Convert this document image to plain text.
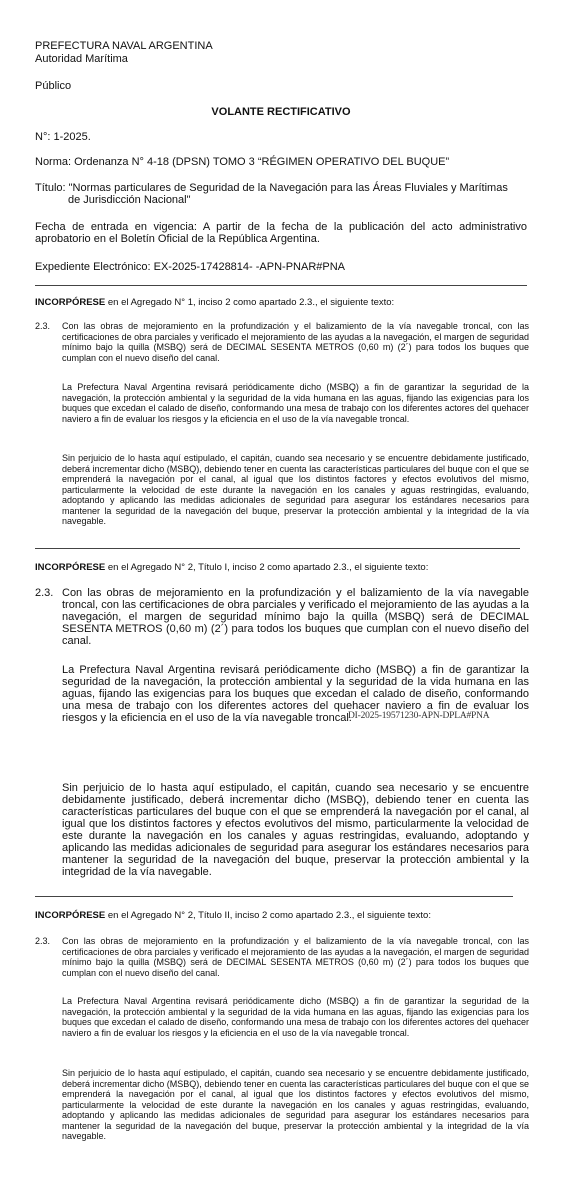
PREFECTURA NAVAL ARGENTINA
Autoridad Marítima
Público
VOLANTE RECTIFICATIVO
N°: 1-2025.
Norma: Ordenanza N° 4-18 (DPSN) TOMO 3 “RÉGIMEN OPERATIVO DEL BUQUE”
Título: "Normas particulares de Seguridad de la Navegación para las Áreas Fluviales y Marítimas
de Jurisdicción Nacional"
Fecha de entrada en vigencia: A partir de la fecha de la publicación del acto administrativo aprobatorio en el Boletín Oficial de la República Argentina.
Expediente Electrónico: EX-2025-17428814- -APN-PNAR#PNA
INCORPÓRESE en el Agregado N° 1, inciso 2 como apartado 2.3., el siguiente texto:
2.3. Con las obras de mejoramiento en la profundización y el balizamiento de la vía navegable troncal, con las certificaciones de obra parciales y verificado el mejoramiento de las ayudas a la navegación, el margen de seguridad mínimo bajo la quilla (MSBQ) será de DECIMAL SESENTA METROS (0,60 m) (2´) para todos los buques que cumplan con el nuevo diseño del canal.

La Prefectura Naval Argentina revisará periódicamente dicho (MSBQ) a fin de garantizar la seguridad de la navegación, la protección ambiental y la seguridad de la vida humana en las aguas, fijando las exigencias para los buques que excedan el calado de diseño, conformando una mesa de trabajo con los diferentes actores del quehacer naviero a fin de evaluar los riesgos y la eficiencia en el uso de la vía navegable troncal.

Sin perjuicio de lo hasta aquí estipulado, el capitán, cuando sea necesario y se encuentre debidamente justificado, deberá incrementar dicho (MSBQ), debiendo tener en cuenta las características particulares del buque con el que se emprenderá la navegación por el canal, al igual que los distintos factores y efectos evolutivos del mismo, particularmente la velocidad de este durante la navegación en los canales y aguas restringidas, evaluando, adoptando y aplicando las medidas adicionales de seguridad para asegurar los estándares necesarios para mantener la seguridad de la navegación del buque, preservar la protección ambiental y la integridad de la vía navegable.

INCORPÓRESE en el Agregado N° 2, Título I, inciso 2 como apartado 2.3., el siguiente texto:
2.3. Con las obras de mejoramiento en la profundización y el balizamiento de la vía navegable troncal, con las certificaciones de obra parciales y verificado el mejoramiento de las ayudas a la navegación, el margen de seguridad mínimo bajo la quilla (MSBQ) será de DECIMAL SESENTA METROS (0,60 m) (2´) para todos los buques que cumplan con el nuevo diseño del canal.

La Prefectura Naval Argentina revisará periódicamente dicho (MSBQ) a fin de garantizar la seguridad de la navegación, la protección ambiental y la seguridad de la vida humana en las aguas, fijando las exigencias para los buques que excedan el calado de diseño, conformando una mesa de trabajo con los diferentes actores del quehacer naviero a fin de evaluar los riesgos y la eficiencia en el uso de la vía navegable troncal.

Sin perjuicio de lo hasta aquí estipulado, el capitán, cuando sea necesario y se encuentre debidamente justificado, deberá incrementar dicho (MSBQ), debiendo tener en cuenta las características particulares del buque con el que se emprenderá la navegación por el canal, al igual que los distintos factores y efectos evolutivos del mismo, particularmente la velocidad de este durante la navegación en los canales y aguas restringidas, evaluando, adoptando y aplicando las medidas adicionales de seguridad para asegurar los estándares necesarios para mantener la seguridad de la navegación del buque, preservar la protección ambiental y la integridad de la vía navegable.

DI-2025-19571230-APN-DPLA#PNA
INCORPÓRESE en el Agregado N° 2, Título II, inciso 2 como apartado 2.3., el siguiente texto:
2.3. Con las obras de mejoramiento en la profundización y el balizamiento de la vía navegable troncal, con las certificaciones de obra parciales y verificado el mejoramiento de las ayudas a la navegación, el margen de seguridad mínimo bajo la quilla (MSBQ) será de DECIMAL SESENTA METROS (0,60 m) (2´) para todos los buques que cumplan con el nuevo diseño del canal.

La Prefectura Naval Argentina revisará periódicamente dicho (MSBQ) a fin de garantizar la seguridad de la navegación, la protección ambiental y la seguridad de la vida humana en las aguas, fijando las exigencias para los buques que excedan el calado de diseño, conformando una mesa de trabajo con los diferentes actores del quehacer naviero a fin de evaluar los riesgos y la eficiencia en el uso de la vía navegable troncal.

Sin perjuicio de lo hasta aquí estipulado, el capitán, cuando sea necesario y se encuentre debidamente justificado, deberá incrementar dicho (MSBQ), debiendo tener en cuenta las características particulares del buque con el que se emprenderá la navegación por el canal, al igual que los distintos factores y efectos evolutivos del mismo, particularmente la velocidad de este durante la navegación en los canales y aguas restringidas, evaluando, adoptando y aplicando las medidas adicionales de seguridad para asegurar los estándares necesarios para mantener la seguridad de la navegación del buque, preservar la protección ambiental y la integridad de la vía navegable.
